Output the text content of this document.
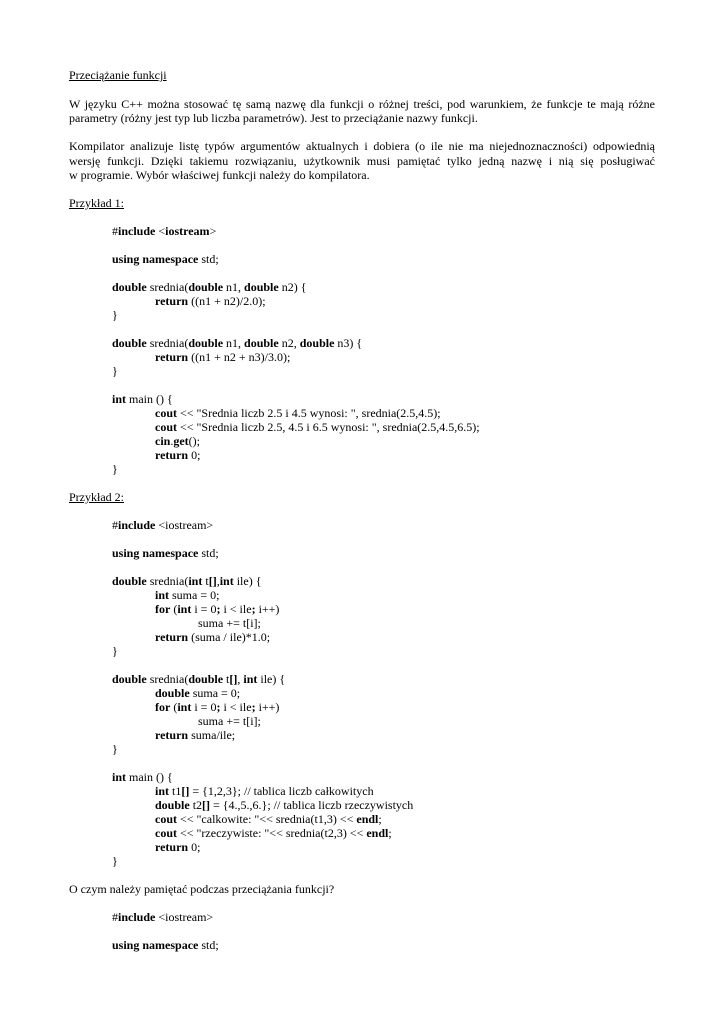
Przeciążanie funkcji
W języku C++ można stosować tę samą nazwę dla funkcji o różnej treści, pod warunkiem, że funkcje te mają różne
parametry (różny jest typ lub liczba parametrów). Jest to przeciążanie nazwy funkcji.
Kompilator analizuje listę typów argumentów aktualnych i dobiera (o ile nie ma niejednoznaczności) odpowiednią
wersję funkcji. Dzięki takiemu rozwiązaniu, użytkownik musi pamiętać tylko jedną nazwę i nią się posługiwać
w programie. Wybór właściwej funkcji należy do kompilatora.
Przykład 1:
#include <iostream>
using namespace std;
double srednia(double n1, double n2) {
return ((n1 + n2)/2.0);
}
double srednia(double n1, double n2, double n3) {
return ((n1 + n2 + n3)/3.0);
}
int main () {
cout << "Srednia liczb 2.5 i 4.5 wynosi: ", srednia(2.5,4.5);
cout << "Srednia liczb 2.5, 4.5 i 6.5 wynosi: ", srednia(2.5,4.5,6.5);
cin.get();
return 0;
}
Przykład 2:
#include <iostream>
using namespace std;
double srednia(int t[],int ile) {
int suma = 0;
for (int i = 0; i < ile; i++)
suma += t[i];
return (suma / ile)*1.0;
}
double srednia(double t[], int ile) {
double suma = 0;
for (int i = 0; i < ile; i++)
suma += t[i];
return suma/ile;
}
int main () {
int t1[] = {1,2,3}; // tablica liczb całkowitych
double t2[] = {4.,5.,6.}; // tablica liczb rzeczywistych
cout << "calkowite: "<< srednia(t1,3) << endl;
cout << "rzeczywiste: "<< srednia(t2,3) << endl;
return 0;
}
O czym należy pamiętać podczas przeciążania funkcji?
#include <iostream>
using namespace std;
